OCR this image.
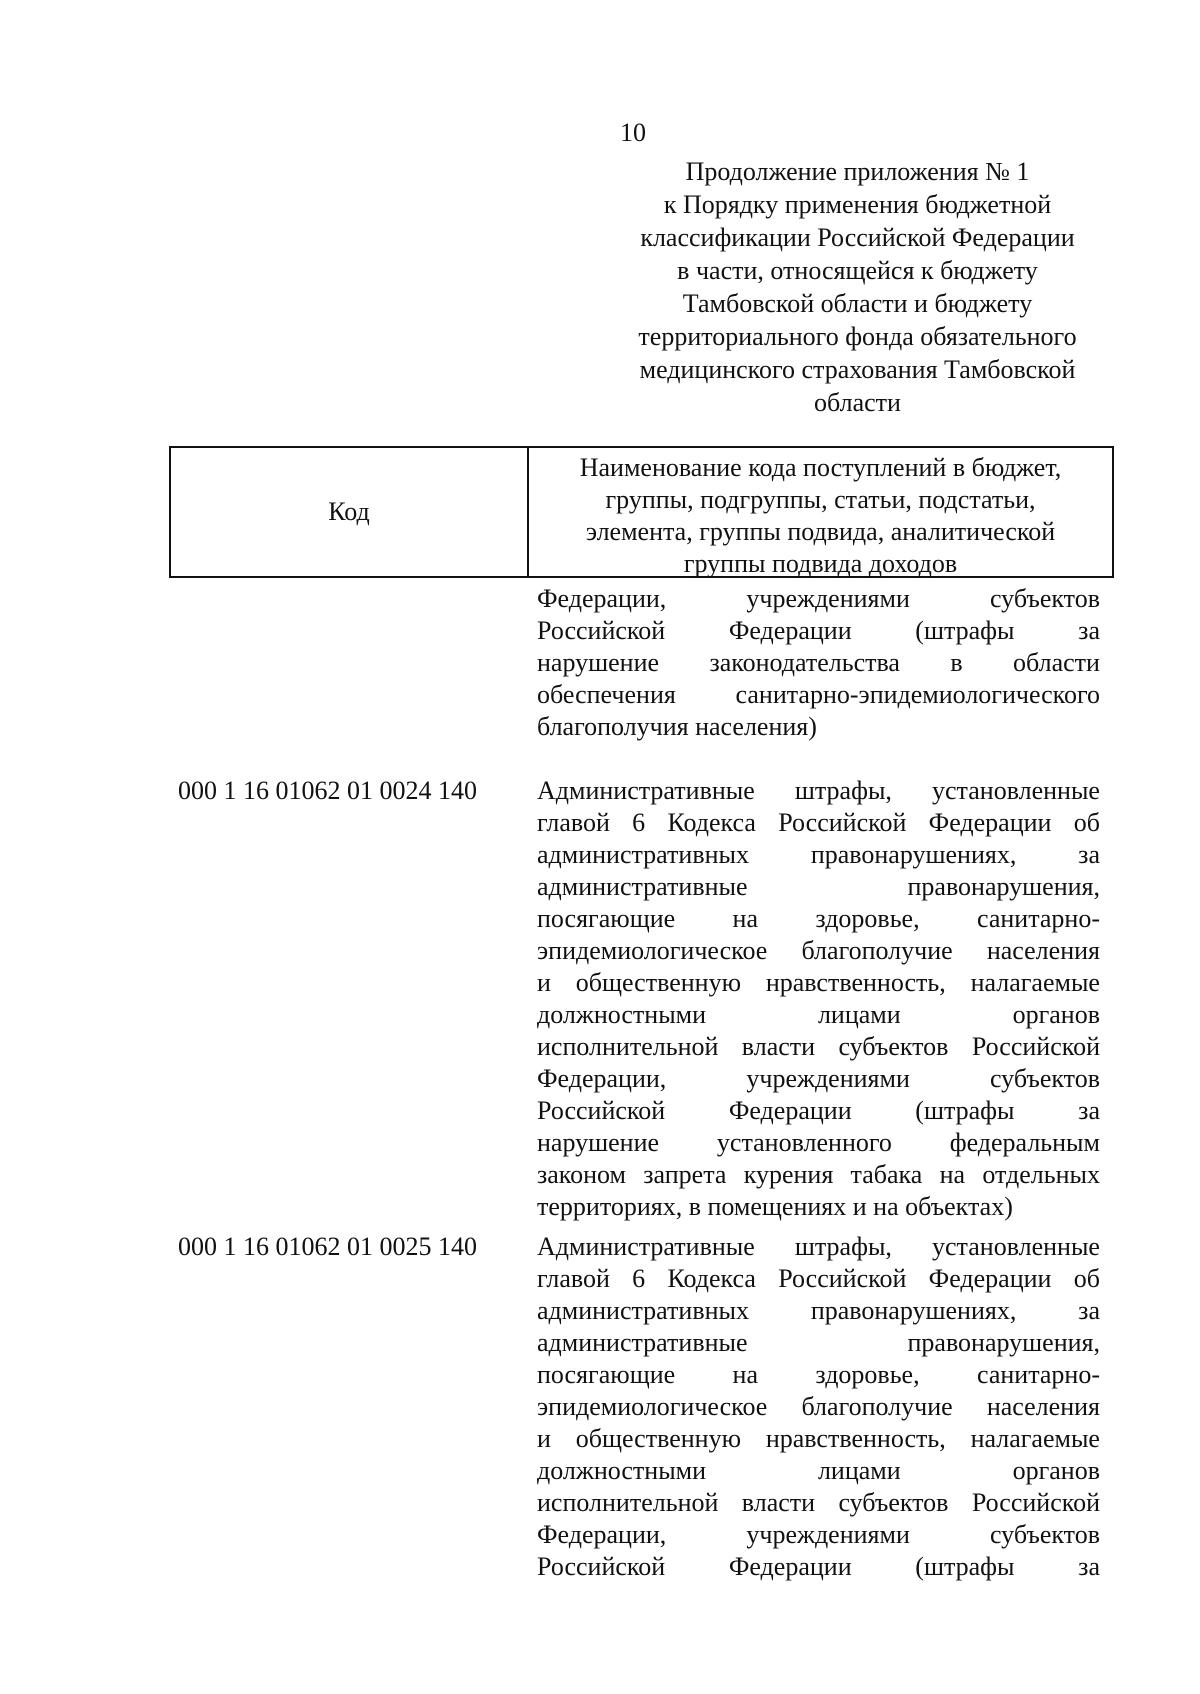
10
Продолжение приложения № 1
к Порядку применения бюджетной
классификации Российской Федерации
в части, относящейся к бюджету
Тамбовской области и бюджету
территориального фонда обязательного
медицинского страхования Тамбовской
области
Код
Наименование кода поступлений в бюджет,
группы, подгруппы, статьи, подстатьи,
элемента, группы подвида, аналитической
группы подвида доходов
Федерации,	учреждениями	субъектов
Российской Федерации (штрафы за
нарушение законодательства в области
обеспечения санитарно-эпидемиологического
благополучия населения)
000 1 16 01062 01 0024 140 Административные штрафы, установленные
главой 6 Кодекса Российской Федерации об
административных правонарушениях, за
административные	правонарушения,
посягающие на здоровье, санитарно-
эпидемиологическое благополучие населения
и общественную нравственность, налагаемые
должностными	лицами	органов
исполнительной власти субъектов Российской
Федерации,	учреждениями	субъектов
Российской Федерации (штрафы за
нарушение установленного федеральным
законом запрета курения табака на отдельных
территориях, в помещениях и на объектах)
000 1 16 01062 01 0025 140 Административные штрафы, установленные
главой 6 Кодекса Российской Федерации об
административных правонарушениях, за
административные	правонарушения,
посягающие на здоровье, санитарно-
эпидемиологическое благополучие населения
и общественную нравственность, налагаемые
должностными	лицами	органов
исполнительной власти субъектов Российской
Федерации,	учреждениями	субъектов
Российской Федерации (штрафы за
